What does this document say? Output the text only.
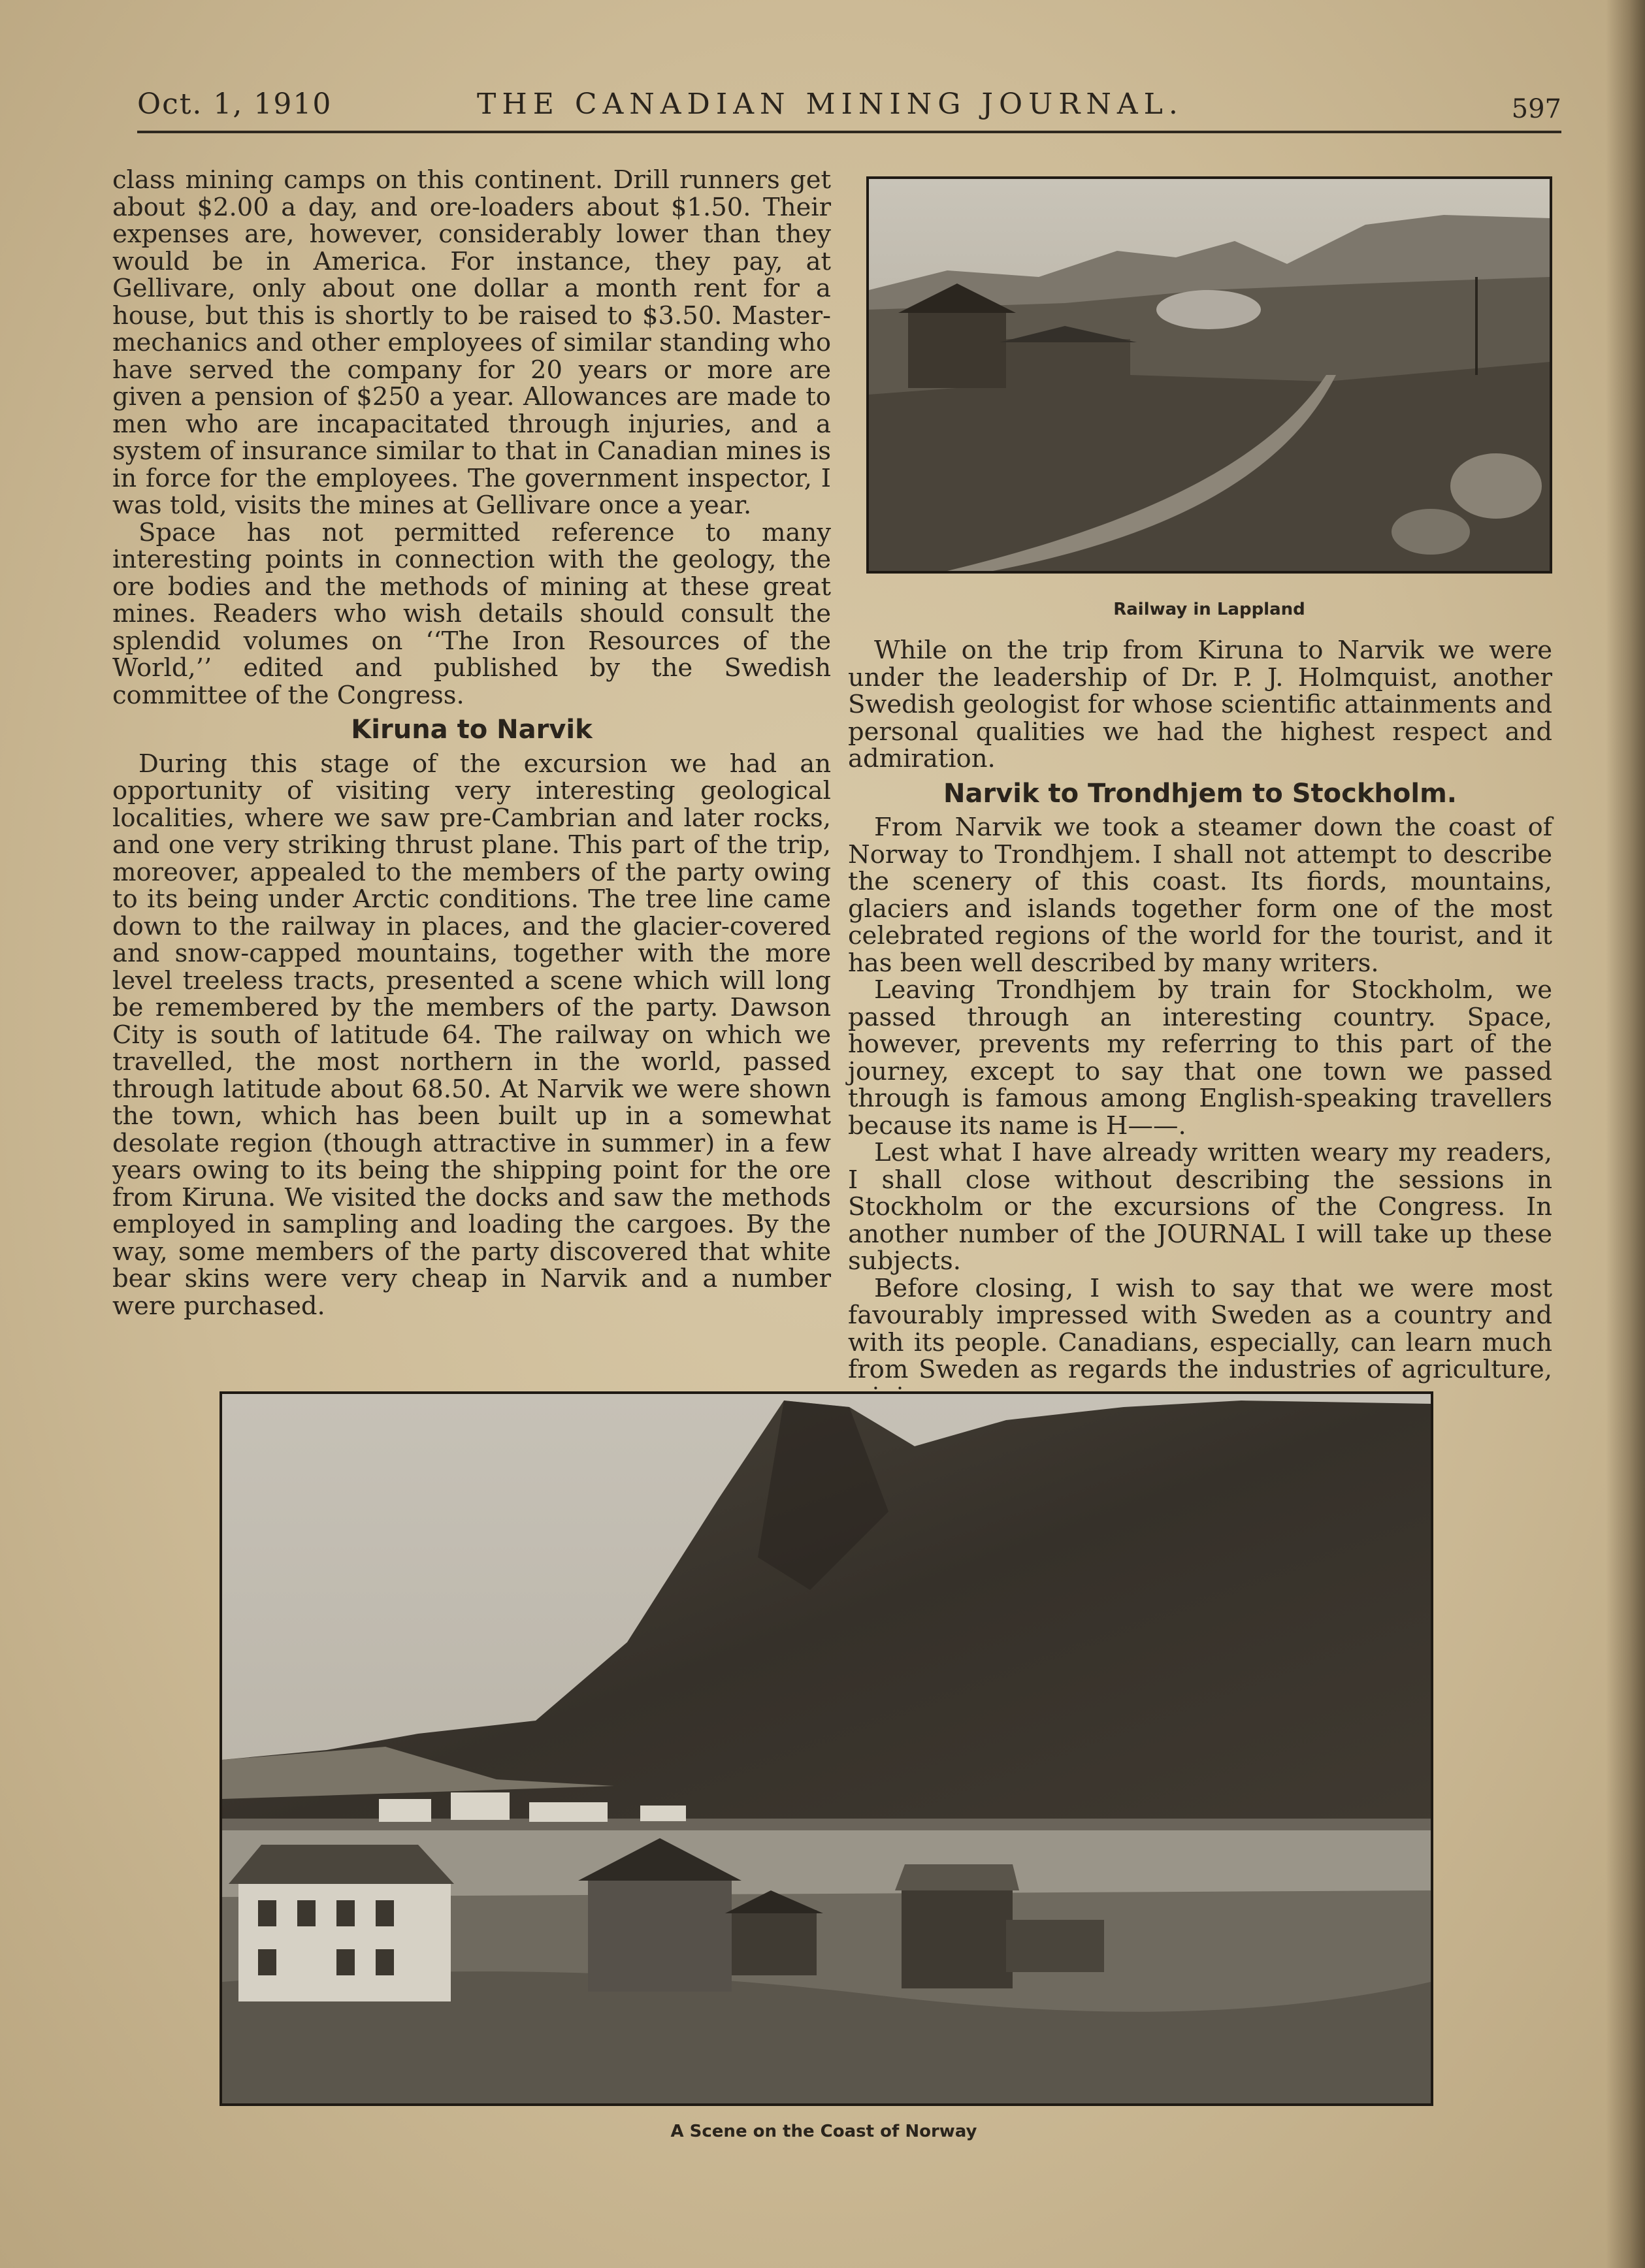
Oct. 1, 1910	THE CANADIAN MINING JOURNAL.	597

class mining camps on this continent. Drill runners get about $2.00 a day, and ore-loaders about $1.50. Their expenses are, however, considerably lower than they would be in America. For instance, they pay, at Gellivare, only about one dollar a month rent for a house, but this is shortly to be raised to $3.50. Master-mechanics and other employees of similar standing who have served the company for 20 years or more are given a pension of $250 a year. Allowances are made to men who are incapacitated through injuries, and a system of insurance similar to that in Canadian mines is in force for the employees. The government inspector, I was told, visits the mines at Gellivare once a year.

Space has not permitted reference to many interesting points in connection with the geology, the ore bodies and the methods of mining at these great mines. Readers who wish details should consult the splendid volumes on ‘‘The Iron Resources of the World,’’ edited and published by the Swedish committee of the Congress.

Kiruna to Narvik

During this stage of the excursion we had an opportunity of visiting very interesting geological localities, where we saw pre-Cambrian and later rocks, and one very striking thrust plane. This part of the trip, moreover, appealed to the members of the party owing to its being under Arctic conditions. The tree line came down to the railway in places, and the glacier-covered and snow-capped mountains, together with the more level treeless tracts, presented a scene which will long be remembered by the members of the party. Dawson City is south of latitude 64. The railway on which we travelled, the most northern in the world, passed through latitude about 68.50. At Narvik we were shown the town, which has been built up in a somewhat desolate region (though attractive in summer) in a few years owing to its being the shipping point for the ore from Kiruna. We visited the docks and saw the methods employed in sampling and loading the cargoes. By the way, some members of the party discovered that white bear skins were very cheap in Narvik and a number were purchased.

Railway in Lappland

While on the trip from Kiruna to Narvik we were under the leadership of Dr. P. J. Holmquist, another Swedish geologist for whose scientific attainments and personal qualities we had the highest respect and admiration.

Narvik to Trondhjem to Stockholm.

From Narvik we took a steamer down the coast of Norway to Trondhjem. I shall not attempt to describe the scenery of this coast. Its fiords, mountains, glaciers and islands together form one of the most celebrated regions of the world for the tourist, and it has been well described by many writers.

Leaving Trondhjem by train for Stockholm, we passed through an interesting country. Space, however, prevents my referring to this part of the journey, except to say that one town we passed through is famous among English-speaking travellers because its name is H——.

Lest what I have already written weary my readers, I shall close without describing the sessions in Stockholm or the excursions of the Congress. In another number of the JOURNAL I will take up these subjects.

Before closing, I wish to say that we were most favourably impressed with Sweden as a country and with its people. Canadians, especially, can learn much from Sweden as regards the industries of agriculture,

A Scene on the Coast of Norway
